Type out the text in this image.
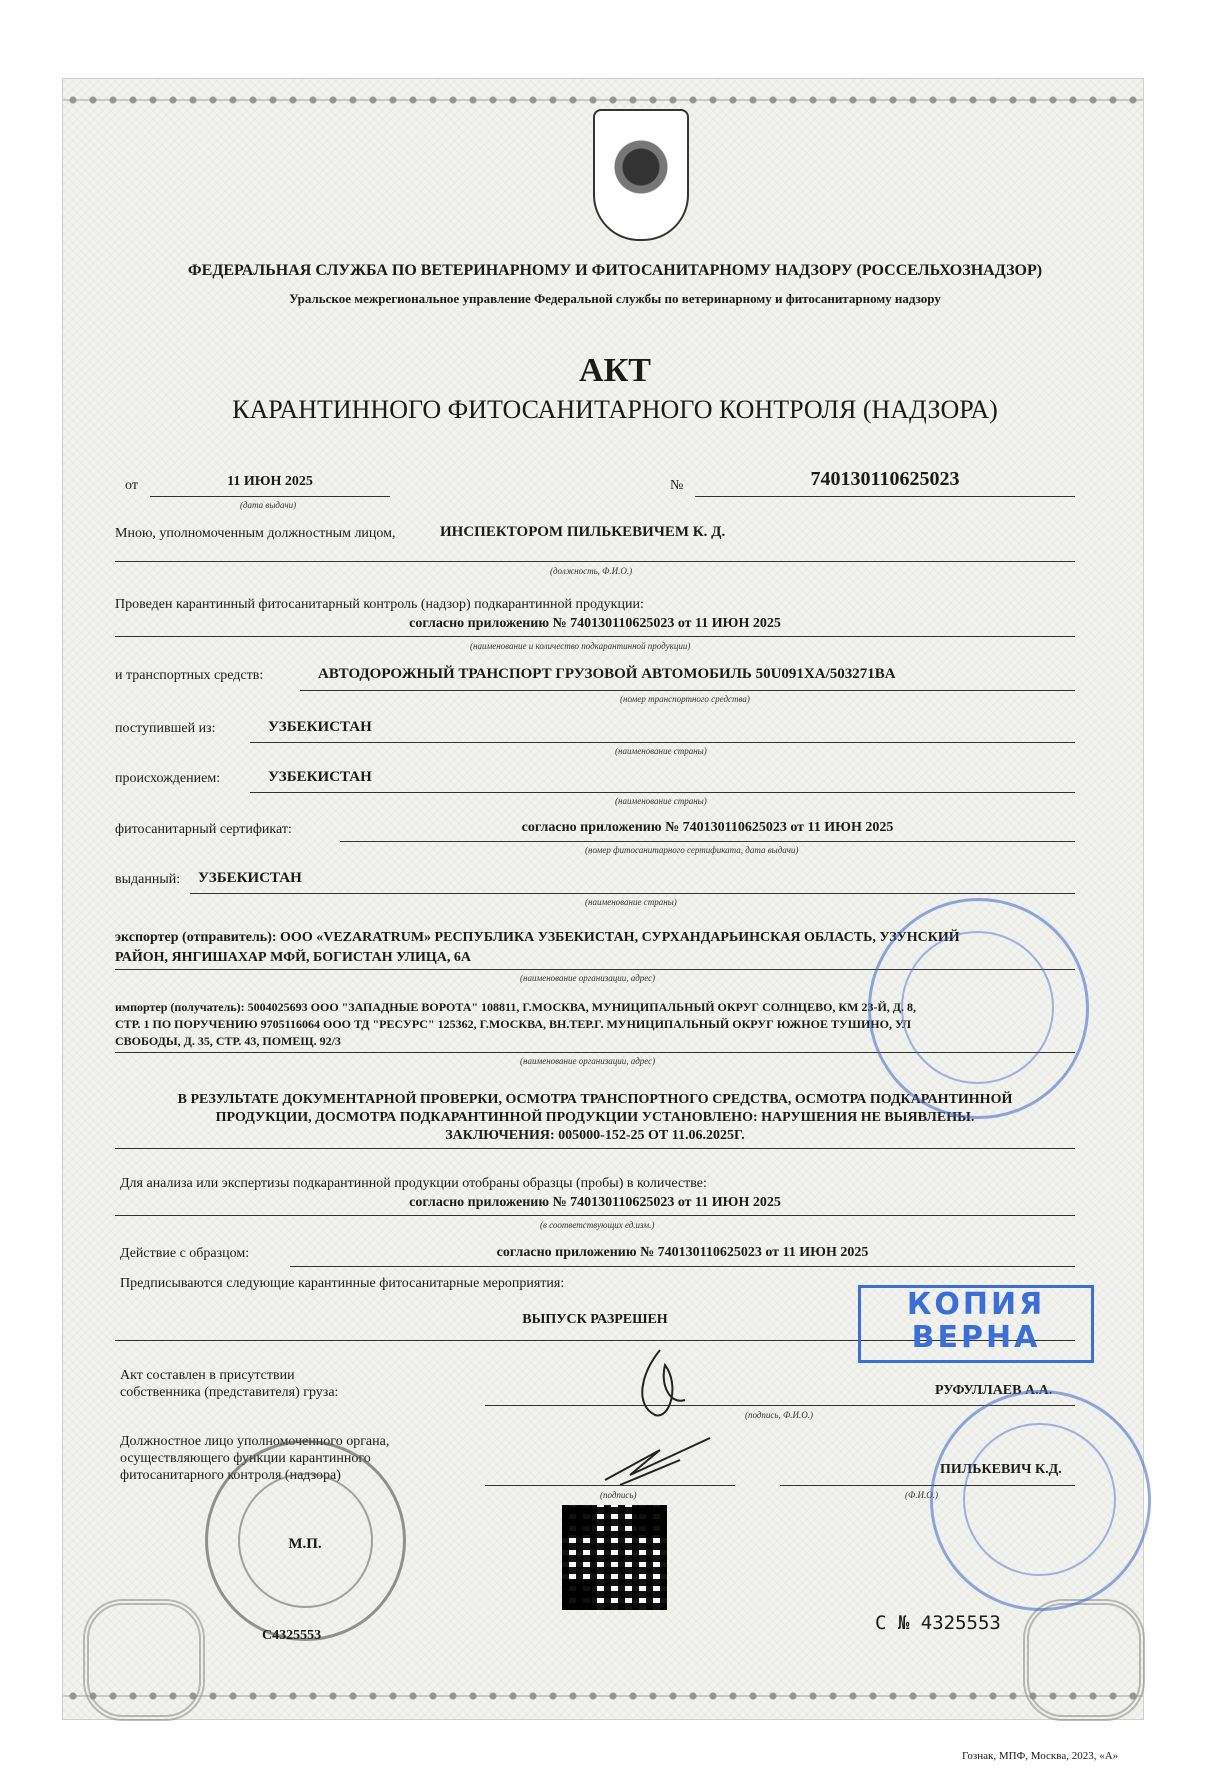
ФЕДЕРАЛЬНАЯ СЛУЖБА ПО ВЕТЕРИНАРНОМУ И ФИТОСАНИТАРНОМУ НАДЗОРУ (РОССЕЛЬХОЗНАДЗОР)
Уральское межрегиональное управление Федеральной службы по ветеринарному и фитосанитарному надзору
АКТ
КАРАНТИННОГО ФИТОСАНИТАРНОГО КОНТРОЛЯ (НАДЗОРА)
от	11 ИЮН 2025
(дата выдачи)
№	740130110625023
Мною, уполномоченным должностным лицом,	ИНСПЕКТОРОМ ПИЛЬКЕВИЧЕМ К. Д.
(должность, Ф.И.О.)
Проведен карантинный фитосанитарный контроль (надзор) подкарантинной продукции:
согласно приложению № 740130110625023 от 11 ИЮН 2025
(наименование и количество подкарантинной продукции)
и транспортных средств:	АВТОДОРОЖНЫЙ ТРАНСПОРТ ГРУЗОВОЙ АВТОМОБИЛЬ 50U091XA/503271BA
(номер транспортного средства)
поступившей из:	УЗБЕКИСТАН
(наименование страны)
происхождением:	УЗБЕКИСТАН
(наименование страны)
фитосанитарный сертификат:	согласно приложению № 740130110625023 от 11 ИЮН 2025
(номер фитосанитарного сертификата, дата выдачи)
выданный: УЗБЕКИСТАН
(наименование страны)
экспортер (отправитель): ООО «VEZARATRUM» РЕСПУБЛИКА УЗБЕКИСТАН, СУРХАНДАРЬИНСКАЯ ОБЛАСТЬ, УЗУНСКИЙ
РАЙОН, ЯНГИШАХАР МФЙ, БОГИСТАН УЛИЦА, 6А
(наименование организации, адрес)
импортер (получатель): 5004025693 ООО "ЗАПАДНЫЕ ВОРОТА" 108811, Г.МОСКВА, МУНИЦИПАЛЬНЫЙ ОКРУГ СОЛНЦЕВО, КМ 23-Й, Д. 8,
СТР. 1 ПО ПОРУЧЕНИЮ 9705116064 ООО ТД "РЕСУРС" 125362, Г.МОСКВА, ВН.ТЕР.Г. МУНИЦИПАЛЬНЫЙ ОКРУГ ЮЖНОЕ ТУШИНО, УЛ
СВОБОДЫ, Д. 35, СТР. 43, ПОМЕЩ. 92/3
(наименование организации, адрес)
В РЕЗУЛЬТАТЕ ДОКУМЕНТАРНОЙ ПРОВЕРКИ, ОСМОТРА ТРАНСПОРТНОГО СРЕДСТВА, ОСМОТРА ПОДКАРАНТИННОЙ
ПРОДУКЦИИ, ДОСМОТРА ПОДКАРАНТИННОЙ ПРОДУКЦИИ УСТАНОВЛЕНО: НАРУШЕНИЯ НЕ ВЫЯВЛЕНЫ.
ЗАКЛЮЧЕНИЯ: 005000-152-25 ОТ 11.06.2025Г.
Для анализа или экспертизы подкарантинной продукции отобраны образцы (пробы) в количестве:
согласно приложению № 740130110625023 от 11 ИЮН 2025
(в соответствующих ед.изм.)
Действие с образцом:	согласно приложению № 740130110625023 от 11 ИЮН 2025
Предписываются следующие карантинные фитосанитарные мероприятия:
ВЫПУСК РАЗРЕШЕН
Акт составлен в присутствии
собственника (представителя) груза:	РУФУЛЛАЕВ А.А.
(подпись, Ф.И.О.)
Должностное лицо уполномоченного органа,
осуществляющего функции карантинного
фитосанитарного контроля (надзора)	ПИЛЬКЕВИЧ К.Д.
(подпись)	(Ф.И.О.)
М.П.
С4325553
КОПИЯ
ВЕРНА
С № 4325553
Гознак, МПФ, Москва, 2023, «А»
